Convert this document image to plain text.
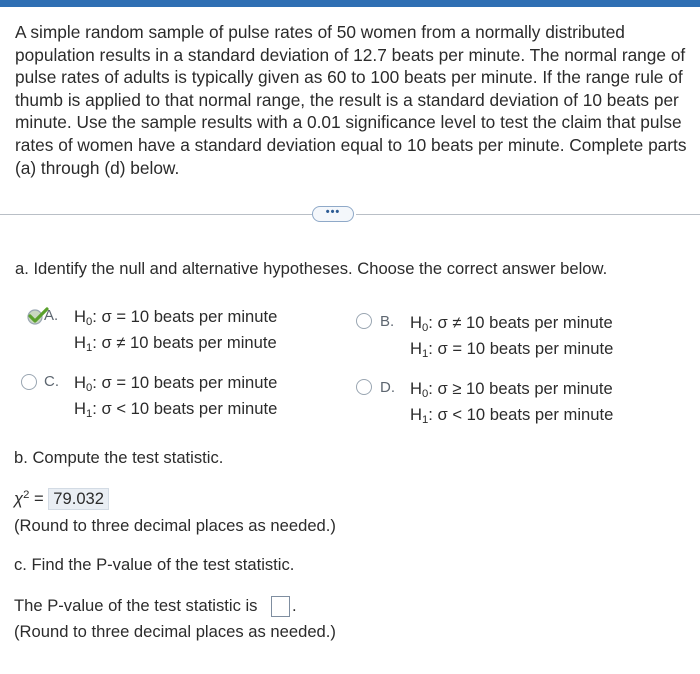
A simple random sample of pulse rates of 50 women from a normally distributed population results in a standard deviation of 12.7 beats per minute. The normal range of pulse rates of adults is typically given as 60 to 100 beats per minute. If the range rule of thumb is applied to that normal range, the result is a standard deviation of 10 beats per minute. Use the sample results with a 0.01 significance level to test the claim that pulse rates of women have a standard deviation equal to 10 beats per minute. Complete parts (a) through (d) below.
•••
a. Identify the null and alternative hypotheses. Choose the correct answer below.
A. $H_0$: σ = 10 beats per minute
$H_1$: σ ≠ 10 beats per minute
B. $H_0$: σ ≠ 10 beats per minute
$H_1$: σ = 10 beats per minute
C. $H_0$: σ = 10 beats per minute
$H_1$: σ < 10 beats per minute
D. $H_0$: σ ≥ 10 beats per minute
$H_1$: σ < 10 beats per minute
b. Compute the test statistic.
$\chi^2 = 79.032$
(Round to three decimal places as needed.)
c. Find the P-value of the test statistic.
The P-value of the test statistic is .
(Round to three decimal places as needed.)
